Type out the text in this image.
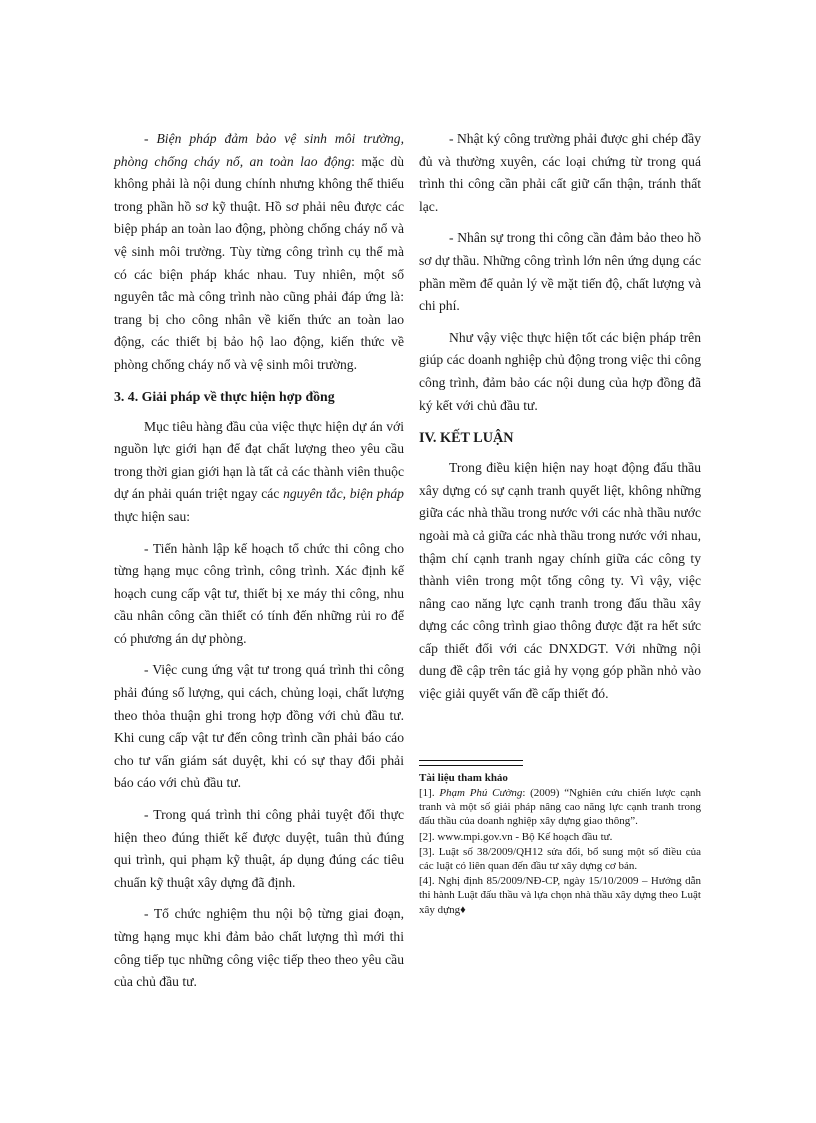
- Biện pháp đảm bảo vệ sinh môi trường, phòng chống cháy nổ, an toàn lao động: mặc dù không phải là nội dung chính nhưng không thể thiếu trong phần hồ sơ kỹ thuật. Hồ sơ phải nêu được các biệp pháp an toàn lao động, phòng chống cháy nổ và vệ sinh môi trường. Tùy từng công trình cụ thể mà có các biện pháp khác nhau. Tuy nhiên, một số nguyên tắc mà công trình nào cũng phải đáp ứng là: trang bị cho công nhân về kiến thức an toàn lao động, các thiết bị bảo hộ lao động, kiến thức về phòng chống cháy nổ và vệ sinh môi trường.

3. 4. Giải pháp về thực hiện hợp đồng

Mục tiêu hàng đầu của việc thực hiện dự án với nguồn lực giới hạn để đạt chất lượng theo yêu cầu trong thời gian giới hạn là tất cả các thành viên thuộc dự án phải quán triệt ngay các nguyên tắc, biện pháp thực hiện sau:

- Tiến hành lập kế hoạch tổ chức thi công cho từng hạng mục công trình, công trình. Xác định kế hoạch cung cấp vật tư, thiết bị xe máy thi công, nhu cầu nhân công cần thiết có tính đến những rủi ro để có phương án dự phòng.

- Việc cung ứng vật tư trong quá trình thi công phải đúng số lượng, qui cách, chủng loại, chất lượng theo thỏa thuận ghi trong hợp đồng với chủ đầu tư. Khi cung cấp vật tư đến công trình cần phải báo cáo cho tư vấn giám sát duyệt, khi có sự thay đổi phải báo cáo với chủ đầu tư.

- Trong quá trình thi công phải tuyệt đối thực hiện theo đúng thiết kế được duyệt, tuân thủ đúng qui trình, qui phạm kỹ thuật, áp dụng đúng các tiêu chuẩn kỹ thuật xây dựng đã định.

- Tổ chức nghiệm thu nội bộ từng giai đoạn, từng hạng mục khi đảm bảo chất lượng thì mới thi công tiếp tục những công việc tiếp theo theo yêu cầu của chủ đầu tư.

- Nhật ký công trường phải được ghi chép đầy đủ và thường xuyên, các loại chứng từ trong quá trình thi công cần phải cất giữ cẩn thận, tránh thất lạc.

- Nhân sự trong thi công cần đảm bảo theo hồ sơ dự thầu. Những công trình lớn nên ứng dụng các phần mềm để quản lý về mặt tiến độ, chất lượng và chi phí.

Như vậy việc thực hiện tốt các biện pháp trên giúp các doanh nghiệp chủ động trong việc thi công công trình, đảm bảo các nội dung của hợp đồng đã ký kết với chủ đầu tư.

IV. KẾT LUẬN

Trong điều kiện hiện nay hoạt động đấu thầu xây dựng có sự cạnh tranh quyết liệt, không những giữa các nhà thầu trong nước với các nhà thầu nước ngoài mà cả giữa các nhà thầu trong nước với nhau, thậm chí cạnh tranh ngay chính giữa các công ty thành viên trong một tổng công ty. Vì vậy, việc nâng cao năng lực cạnh tranh trong đấu thầu xây dựng các công trình giao thông được đặt ra hết sức cấp thiết đối với các DNXDGT. Với những nội dung đề cập trên tác giả hy vọng góp phần nhỏ vào việc giải quyết vấn đề cấp thiết đó.

Tài liệu tham khảo

[1]. Phạm Phú Cường: (2009) “Nghiên cứu chiến lược cạnh tranh và một số giải pháp nâng cao năng lực cạnh tranh trong đấu thầu của doanh nghiệp xây dựng giao thông”.

[2]. www.mpi.gov.vn - Bộ Kế hoạch đầu tư.

[3]. Luật số 38/2009/QH12 sửa đổi, bổ sung một số điều của các luật có liên quan đến đầu tư xây dựng cơ bản.

[4]. Nghị định 85/2009/NĐ-CP, ngày 15/10/2009 – Hướng dẫn thi hành Luật đấu thầu và lựa chọn nhà thầu xây dựng theo Luật xây dựng♦
